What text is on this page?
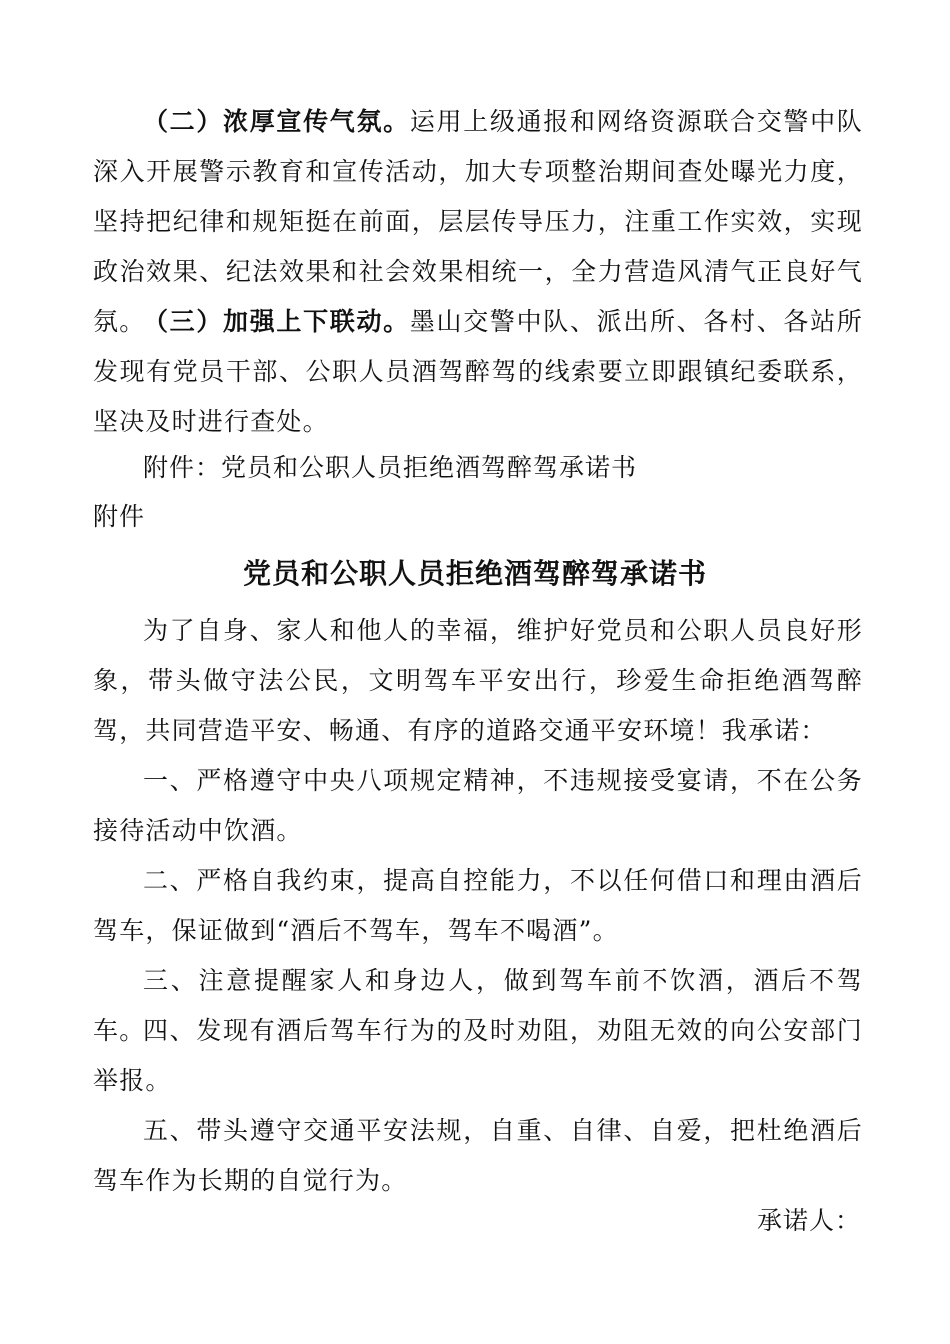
（二）浓厚宣传气氛。运用上级通报和网络资源联合交警中队深入开展警示教育和宣传活动，加大专项整治期间查处曝光力度，坚持把纪律和规矩挺在前面，层层传导压力，注重工作实效，实现政治效果、纪法效果和社会效果相统一，全力营造风清气正良好气氛。

（三）加强上下联动。墨山交警中队、派出所、各村、各站所发现有党员干部、公职人员酒驾醉驾的线索要立即跟镇纪委联系，坚决及时进行查处。

附件：党员和公职人员拒绝酒驾醉驾承诺书

附件

党员和公职人员拒绝酒驾醉驾承诺书

为了自身、家人和他人的幸福，维护好党员和公职人员良好形象，带头做守法公民，文明驾车平安出行，珍爱生命拒绝酒驾醉驾，共同营造平安、畅通、有序的道路交通平安环境！我承诺：

一、严格遵守中央八项规定精神，不违规接受宴请，不在公务接待活动中饮酒。

二、严格自我约束，提高自控能力，不以任何借口和理由酒后驾车，保证做到“酒后不驾车，驾车不喝酒”。

三、注意提醒家人和身边人，做到驾车前不饮酒，酒后不驾车。

四、发现有酒后驾车行为的及时劝阻，劝阻无效的向公安部门举报。

五、带头遵守交通平安法规，自重、自律、自爱，把杜绝酒后驾车作为长期的自觉行为。

承诺人：
